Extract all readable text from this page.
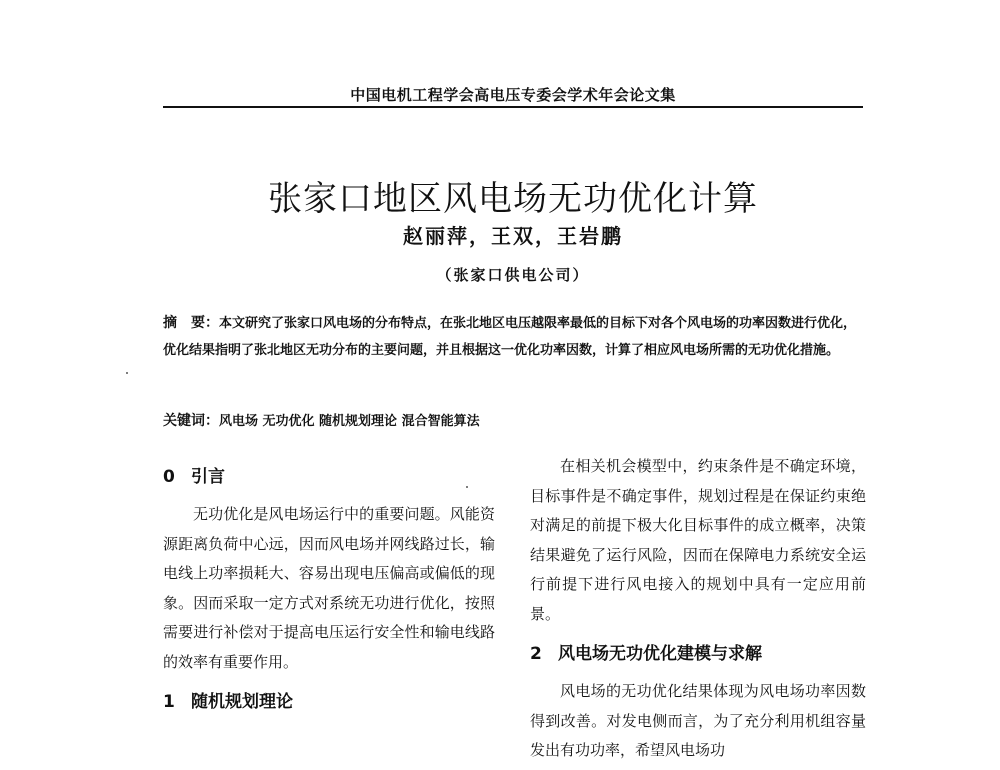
中国电机工程学会高电压专委会学术年会论文集
张家口地区风电场无功优化计算
赵丽萍，王双，王岩鹏
（张家口供电公司）
摘　要：本文研究了张家口风电场的分布特点，在张北地区电压越限率最低的目标下对各个风电场的功率因数进行优化，优化结果指明了张北地区无功分布的主要问题，并且根据这一优化功率因数，计算了相应风电场所需的无功优化措施。
关键词：风电场 无功优化 随机规划理论 混合智能算法
0 引言

无功优化是风电场运行中的重要问题。风能资源距离负荷中心远，因而风电场并网线路过长，输电线上功率损耗大、容易出现电压偏高或偏低的现象。因而采取一定方式对系统无功进行优化，按照需要进行补偿对于提高电压运行安全性和输电线路的效率有重要作用。

1 随机规划理论

在相关机会模型中，约束条件是不确定环境，目标事件是不确定事件，规划过程是在保证约束绝对满足的前提下极大化目标事件的成立概率，决策结果避免了运行风险，因而在保障电力系统安全运行前提下进行风电接入的规划中具有一定应用前景。

2 风电场无功优化建模与求解

风电场的无功优化结果体现为风电场功率因数得到改善。对发电侧而言，为了充分利用机组容量发出有功功率，希望风电场功
